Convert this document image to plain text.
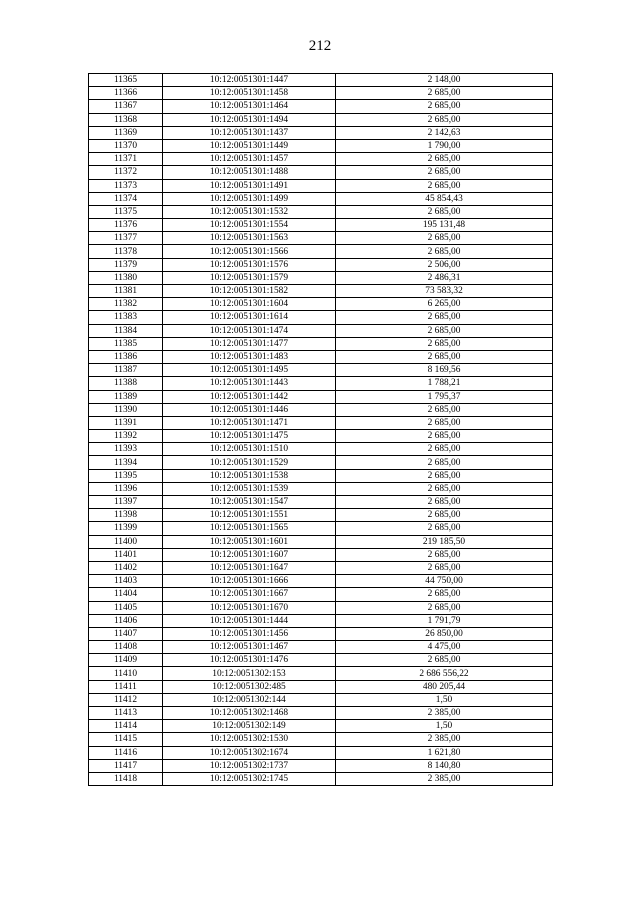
212
11365	10:12:0051301:1447	2 148,00
11366	10:12:0051301:1458	2 685,00
11367	10:12:0051301:1464	2 685,00
11368	10:12:0051301:1494	2 685,00
11369	10:12:0051301:1437	2 142,63
11370	10:12:0051301:1449	1 790,00
11371	10:12:0051301:1457	2 685,00
11372	10:12:0051301:1488	2 685,00
11373	10:12:0051301:1491	2 685,00
11374	10:12:0051301:1499	45 854,43
11375	10:12:0051301:1532	2 685,00
11376	10:12:0051301:1554	195 131,48
11377	10:12:0051301:1563	2 685,00
11378	10:12:0051301:1566	2 685,00
11379	10:12:0051301:1576	2 506,00
11380	10:12:0051301:1579	2 486,31
11381	10:12:0051301:1582	73 583,32
11382	10:12:0051301:1604	6 265,00
11383	10:12:0051301:1614	2 685,00
11384	10:12:0051301:1474	2 685,00
11385	10:12:0051301:1477	2 685,00
11386	10:12:0051301:1483	2 685,00
11387	10:12:0051301:1495	8 169,56
11388	10:12:0051301:1443	1 788,21
11389	10:12:0051301:1442	1 795,37
11390	10:12:0051301:1446	2 685,00
11391	10:12:0051301:1471	2 685,00
11392	10:12:0051301:1475	2 685,00
11393	10:12:0051301:1510	2 685,00
11394	10:12:0051301:1529	2 685,00
11395	10:12:0051301:1538	2 685,00
11396	10:12:0051301:1539	2 685,00
11397	10:12:0051301:1547	2 685,00
11398	10:12:0051301:1551	2 685,00
11399	10:12:0051301:1565	2 685,00
11400	10:12:0051301:1601	219 185,50
11401	10:12:0051301:1607	2 685,00
11402	10:12:0051301:1647	2 685,00
11403	10:12:0051301:1666	44 750,00
11404	10:12:0051301:1667	2 685,00
11405	10:12:0051301:1670	2 685,00
11406	10:12:0051301:1444	1 791,79
11407	10:12:0051301:1456	26 850,00
11408	10:12:0051301:1467	4 475,00
11409	10:12:0051301:1476	2 685,00
11410	10:12:0051302:153	2 686 556,22
11411	10:12:0051302:485	480 205,44
11412	10:12:0051302:144	1,50
11413	10:12:0051302:1468	2 385,00
11414	10:12:0051302:149	1,50
11415	10:12:0051302:1530	2 385,00
11416	10:12:0051302:1674	1 621,80
11417	10:12:0051302:1737	8 140,80
11418	10:12:0051302:1745	2 385,00
